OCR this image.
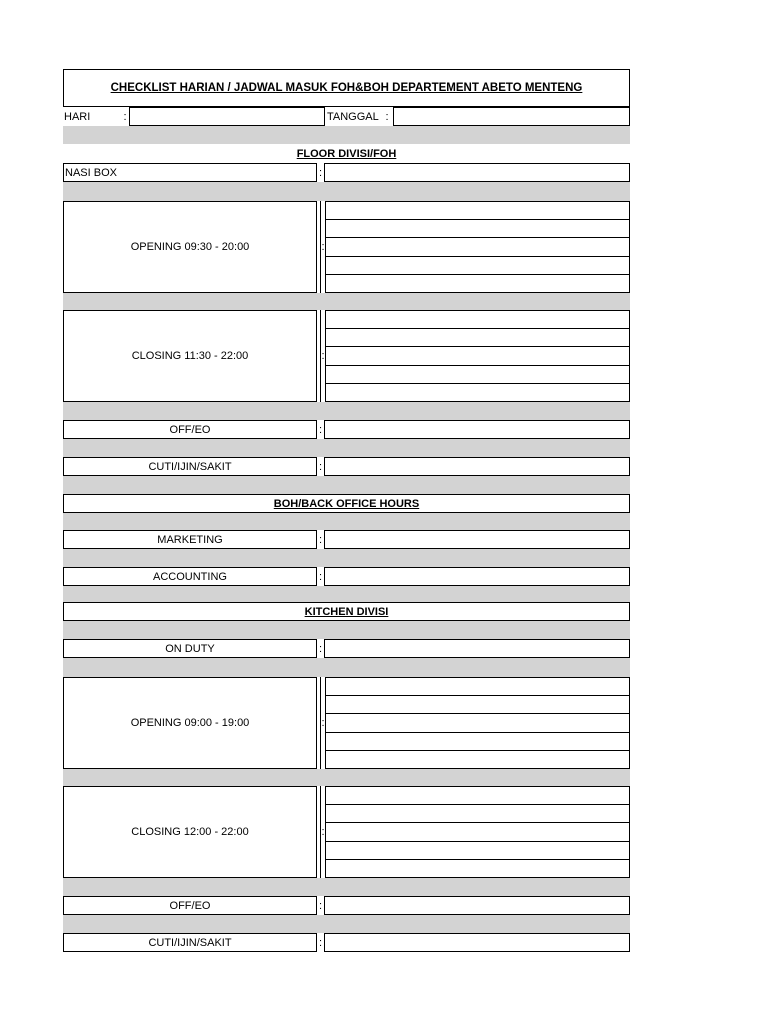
CHECKLIST HARIAN / JADWAL MASUK FOH&BOH DEPARTEMENT ABETO MENTENG
HARI	:	TANGGAL :
FLOOR DIVISI/FOH
NASI BOX	:
OPENING 09:30 - 20:00	:
CLOSING 11:30 - 22:00	:
OFF/EO	:
CUTI/IJIN/SAKIT	:
BOH/BACK OFFICE HOURS
MARKETING	:
ACCOUNTING	:
KITCHEN DIVISI
ON DUTY	:
OPENING 09:00 - 19:00	:
CLOSING 12:00 - 22:00	:
OFF/EO	:
CUTI/IJIN/SAKIT	:
